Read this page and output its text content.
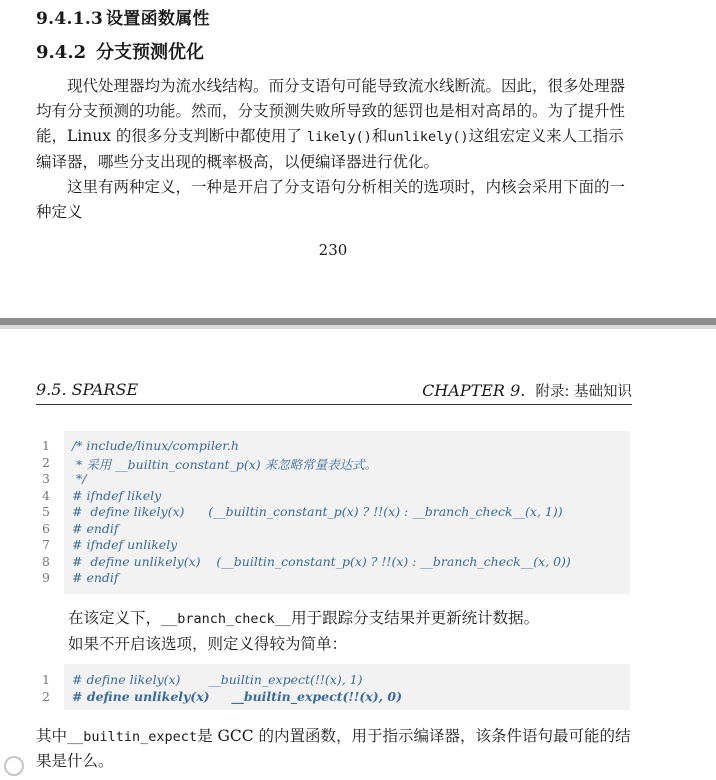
9.4.1.3 设置函数属性
9.4.2 分支预测优化
现代处理器均为流水线结构。而分支语句可能导致流水线断流。因此，很多处理器
均有分支预测的功能。然而，分支预测失败所导致的惩罚也是相对高昂的。为了提升性
能，Linux 的很多分支判断中都使用了 likely()和unlikely()这组宏定义来人工指示
编译器，哪些分支出现的概率极高，以便编译器进行优化。
这里有两种定义，一种是开启了分支语句分析相关的选项时，内核会采用下面的一
种定义
230
9.5. SPARSE	CHAPTER 9. 附录: 基础知识
1
2
3
4
5
6
7
8
9
/* include/linux/compiler.h
* 采用 __builtin_constant_p(x) 来忽略常量表达式。
*/
# ifndef likely
#  define likely(x)      (__builtin_constant_p(x) ? !!(x) : __branch_check__(x, 1))
# endif
# ifndef unlikely
#  define unlikely(x)    (__builtin_constant_p(x) ? !!(x) : __branch_check__(x, 0))
# endif
在该定义下，__branch_check__用于跟踪分支结果并更新统计数据。
如果不开启该选项，则定义得较为简单：
1
2
# define likely(x)       __builtin_expect(!!(x), 1)
# define unlikely(x)     __builtin_expect(!!(x), 0)
其中__builtin_expect是 GCC 的内置函数，用于指示编译器，该条件语句最可能的结
果是什么。
